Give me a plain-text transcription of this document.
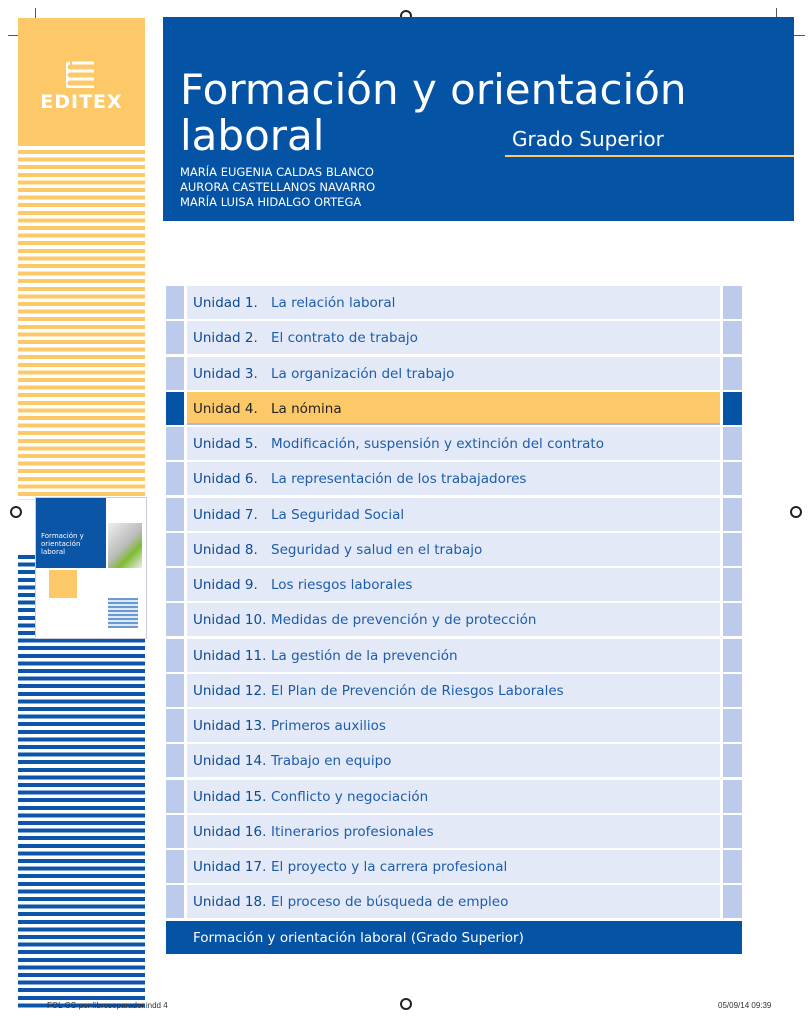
EDITEX
Formación y orientación laboral
Formación y orientación
laboral	Grado Superior
MARÍA EUGENIA CALDAS BLANCO
AURORA CASTELLANOS NAVARRO
MARÍA LUISA HIDALGO ORTEGA
Unidad 1. La relación laboral
Unidad 2. El contrato de trabajo
Unidad 3. La organización del trabajo
Unidad 4. La nómina
Unidad 5. Modificación, suspensión y extinción del contrato
Unidad 6. La representación de los trabajadores
Unidad 7. La Seguridad Social
Unidad 8. Seguridad y salud en el trabajo
Unidad 9. Los riesgos laborales
Unidad 10. Medidas de prevención y de protección
Unidad 11. La gestión de la prevención
Unidad 12. El Plan de Prevención de Riesgos Laborales
Unidad 13. Primeros auxilios
Unidad 14. Trabajo en equipo
Unidad 15. Conflicto y negociación
Unidad 16. Itinerarios profesionales
Unidad 17. El proyecto y la carrera profesional
Unidad 18. El proceso de búsqueda de empleo
Formación y orientación laboral (Grado Superior)
FOL GS-por-libroseparador.indd 4	05/09/14 09:39
